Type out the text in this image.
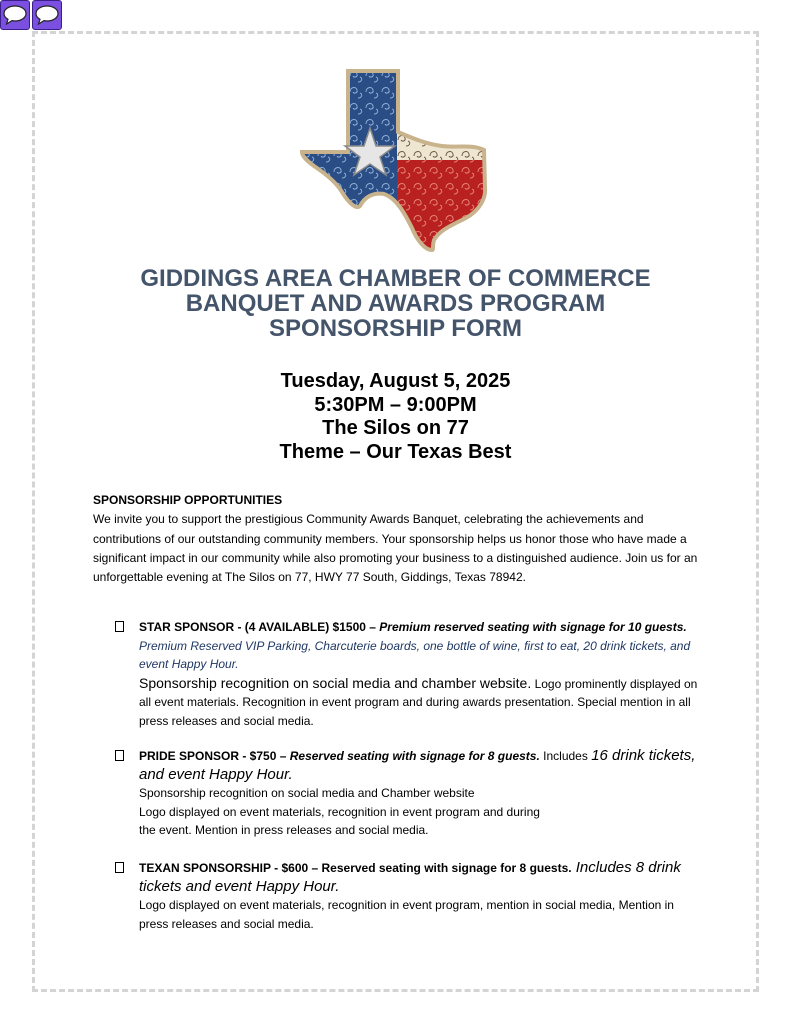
GIDDINGS AREA CHAMBER OF COMMERCE
BANQUET AND AWARDS PROGRAM
SPONSORSHIP FORM
Tuesday, August 5, 2025
5:30PM – 9:00PM
The Silos on 77
Theme – Our Texas Best
SPONSORSHIP OPPORTUNITIES
We invite you to support the prestigious Community Awards Banquet, celebrating the achievements and contributions of our outstanding community members. Your sponsorship helps us honor those who have made a significant impact in our community while also promoting your business to a distinguished audience. Join us for an unforgettable evening at The Silos on 77, HWY 77 South, Giddings, Texas 78942.
STAR SPONSOR - (4 AVAILABLE) $1500 – Premium reserved seating with signage for 10 guests. Premium Reserved VIP Parking, Charcuterie boards, one bottle of wine, first to eat, 20 drink tickets, and event Happy Hour.
Sponsorship recognition on social media and chamber website. Logo prominently displayed on all event materials. Recognition in event program and during awards presentation. Special mention in all press releases and social media.
PRIDE SPONSOR - $750 – Reserved seating with signage for 8 guests. Includes 16 drink tickets, and event Happy Hour.
Sponsorship recognition on social media and Chamber website
Logo displayed on event materials, recognition in event program and during
the event. Mention in press releases and social media.
TEXAN SPONSORSHIP - $600 – Reserved seating with signage for 8 guests. Includes 8 drink tickets and event Happy Hour.
Logo displayed on event materials, recognition in event program, mention in social media, Mention in press releases and social media.
